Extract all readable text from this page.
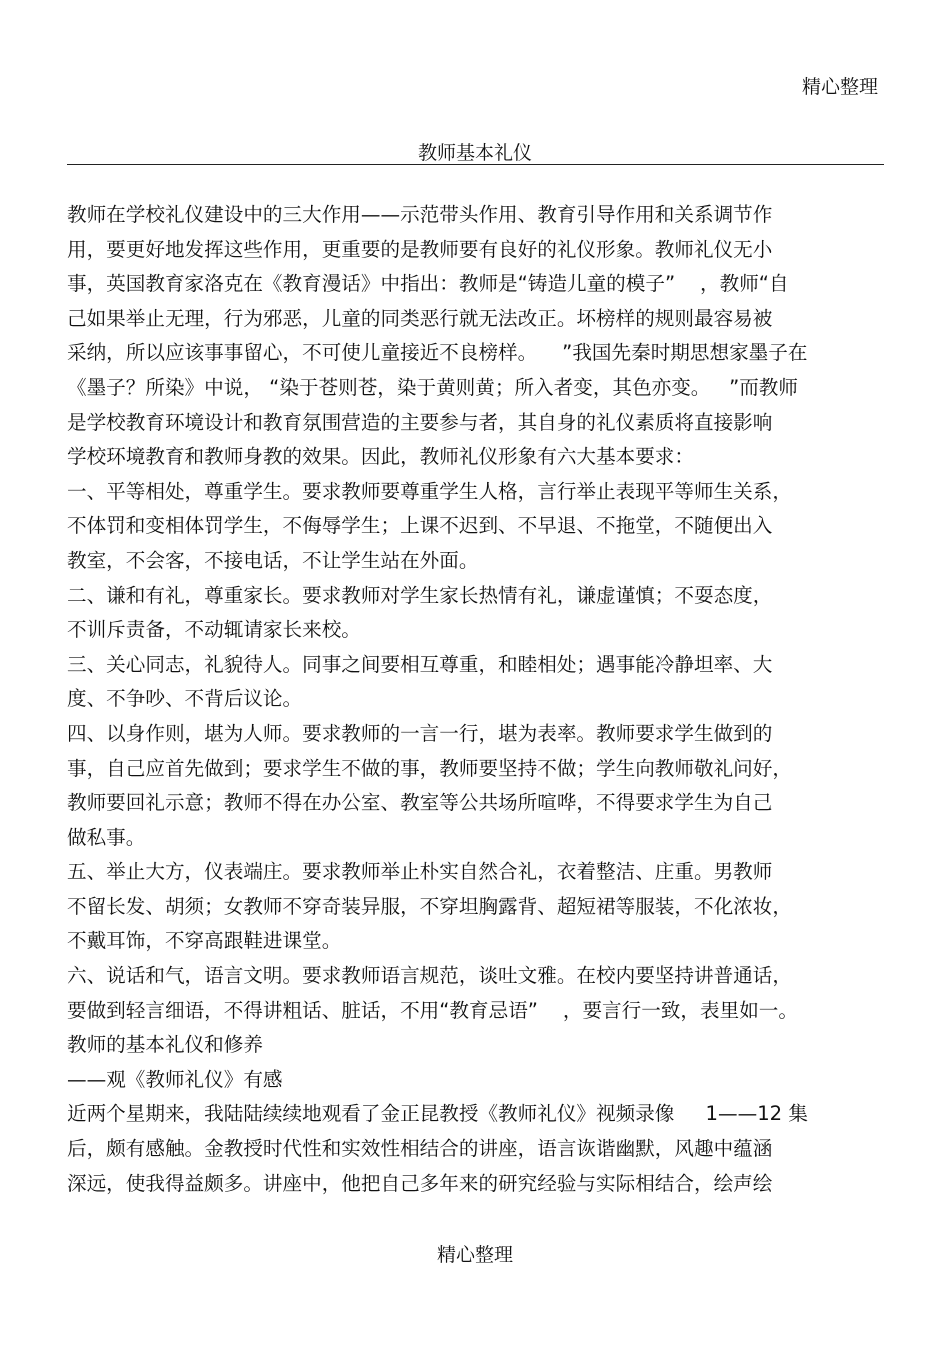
精心整理
教师基本礼仪
教师在学校礼仪建设中的三大作用——示范带头作用、教育引导作用和关系调节作
用，要更好地发挥这些作用，更重要的是教师要有良好的礼仪形象。教师礼仪无小
事，英国教育家洛克在《教育漫话》中指出：教师是“铸造儿童的模子”    ，教师“自
己如果举止无理，行为邪恶，儿童的同类恶行就无法改正。坏榜样的规则最容易被
采纳，所以应该事事留心，不可使儿童接近不良榜样。    ”我国先秦时期思想家墨子在
《墨子？所染》中说， “染于苍则苍，染于黄则黄；所入者变，其色亦变。   ”而教师
是学校教育环境设计和教育氛围营造的主要参与者，其自身的礼仪素质将直接影响
学校环境教育和教师身教的效果。因此，教师礼仪形象有六大基本要求：
一、平等相处，尊重学生。要求教师要尊重学生人格，言行举止表现平等师生关系，
不体罚和变相体罚学生，不侮辱学生；上课不迟到、不早退、不拖堂，不随便出入
教室，不会客，不接电话，不让学生站在外面。
二、谦和有礼，尊重家长。要求教师对学生家长热情有礼，谦虚谨慎；不耍态度，
不训斥责备，不动辄请家长来校。
三、关心同志，礼貌待人。同事之间要相互尊重，和睦相处；遇事能冷静坦率、大
度、不争吵、不背后议论。
四、以身作则，堪为人师。要求教师的一言一行，堪为表率。教师要求学生做到的
事，自己应首先做到；要求学生不做的事，教师要坚持不做；学生向教师敬礼问好，
教师要回礼示意；教师不得在办公室、教室等公共场所喧哗，不得要求学生为自己
做私事。
五、举止大方，仪表端庄。要求教师举止朴实自然合礼，衣着整洁、庄重。男教师
不留长发、胡须；女教师不穿奇装异服，不穿坦胸露背、超短裙等服装，不化浓妆，
不戴耳饰，不穿高跟鞋进课堂。
六、说话和气，语言文明。要求教师语言规范，谈吐文雅。在校内要坚持讲普通话，
要做到轻言细语，不得讲粗话、脏话，不用“教育忌语”    ，要言行一致，表里如一。
教师的基本礼仪和修养
——观《教师礼仪》有感
近两个星期来，我陆陆续续地观看了金正昆教授《教师礼仪》视频录像     1——12 集
后，颇有感触。金教授时代性和实效性相结合的讲座，语言诙谐幽默，风趣中蕴涵
深远，使我得益颇多。讲座中，他把自己多年来的研究经验与实际相结合，绘声绘
精心整理
